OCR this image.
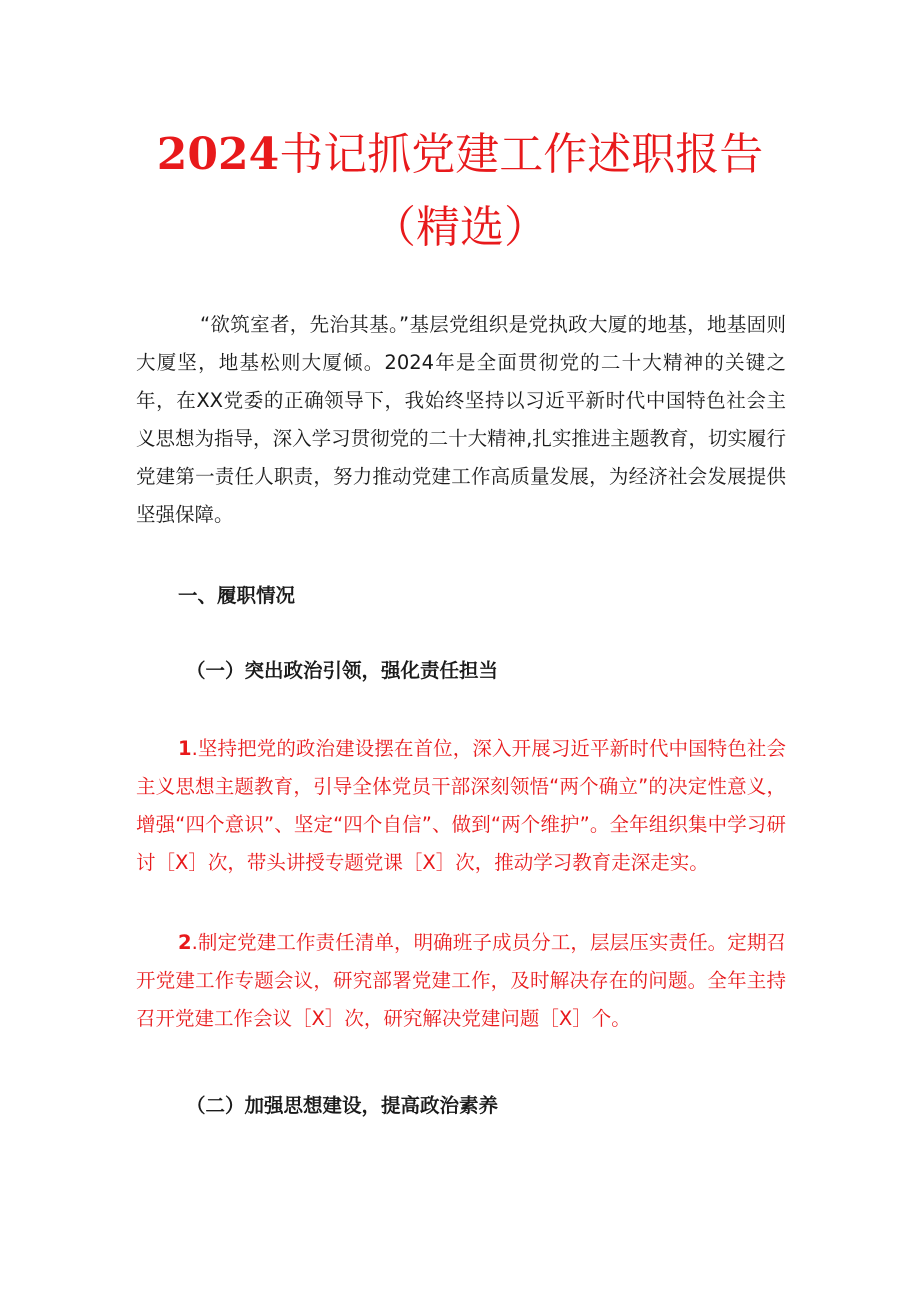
2024书记抓党建工作述职报告
（精选）
“欲筑室者，先治其基。”基层党组织是党执政大厦的地基，地基固则大厦坚，地基松则大厦倾。2024年是全面贯彻党的二十大精神的关键之年，在XX党委的正确领导下，我始终坚持以习近平新时代中国特色社会主义思想为指导，深入学习贯彻党的二十大精神,扎实推进主题教育，切实履行党建第一责任人职责，努力推动党建工作高质量发展，为经济社会发展提供坚强保障。
一、履职情况
（一）突出政治引领，强化责任担当
1.坚持把党的政治建设摆在首位，深入开展习近平新时代中国特色社会主义思想主题教育，引导全体党员干部深刻领悟“两个确立”的决定性意义，增强“四个意识”、坚定“四个自信”、做到“两个维护”。全年组织集中学习研讨［X］次，带头讲授专题党课［X］次，推动学习教育走深走实。
2.制定党建工作责任清单，明确班子成员分工，层层压实责任。定期召开党建工作专题会议，研究部署党建工作，及时解决存在的问题。全年主持召开党建工作会议［X］次，研究解决党建问题［X］个。
（二）加强思想建设，提高政治素养
